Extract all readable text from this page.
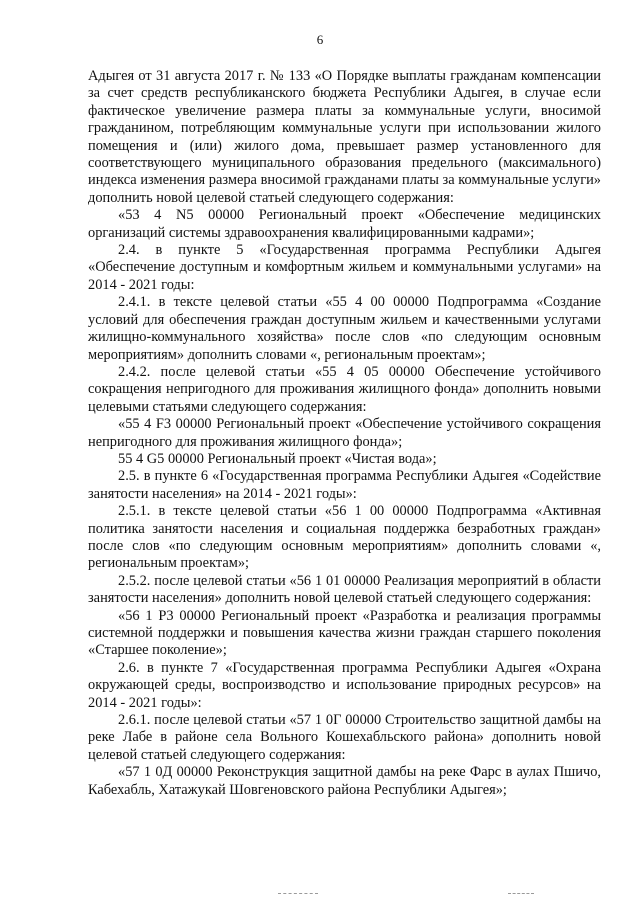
6

Адыгея от 31 августа 2017 г. № 133 «О Порядке выплаты гражданам компенсации за счет средств республиканского бюджета Республики Адыгея, в случае если фактическое увеличение размера платы за коммунальные услуги, вносимой гражданином, потребляющим коммунальные услуги при использовании жилого помещения и (или) жилого дома, превышает размер установленного для соответствующего муниципального образования предельного (максимального) индекса изменения размера вносимой гражданами платы за коммунальные услуги» дополнить новой целевой статьей следующего содержания:

«53 4 N5 00000 Региональный проект «Обеспечение медицинских организаций системы здравоохранения квалифицированными кадрами»;

2.4. в пункте 5 «Государственная программа Республики Адыгея «Обеспечение доступным и комфортным жильем и коммунальными услугами» на 2014 - 2021 годы:

2.4.1. в тексте целевой статьи «55 4 00 00000 Подпрограмма «Создание условий для обеспечения граждан доступным жильем и качественными услугами жилищно-коммунального хозяйства» после слов «по следующим основным мероприятиям» дополнить словами «, региональным проектам»;

2.4.2. после целевой статьи «55 4 05 00000 Обеспечение устойчивого сокращения непригодного для проживания жилищного фонда» дополнить новыми целевыми статьями следующего содержания:

«55 4 F3 00000 Региональный проект «Обеспечение устойчивого сокращения непригодного для проживания жилищного фонда»;

55 4 G5 00000 Региональный проект «Чистая вода»;

2.5. в пункте 6 «Государственная программа Республики Адыгея «Содействие занятости населения» на 2014 - 2021 годы»:

2.5.1. в тексте целевой статьи «56 1 00 00000 Подпрограмма «Активная политика занятости населения и социальная поддержка безработных граждан» после слов «по следующим основным мероприятиям» дополнить словами «, региональным проектам»;

2.5.2. после целевой статьи «56 1 01 00000 Реализация мероприятий в области занятости населения» дополнить новой целевой статьей следующего содержания:

«56 1 P3 00000 Региональный проект «Разработка и реализация программы системной поддержки и повышения качества жизни граждан старшего поколения «Старшее поколение»;

2.6. в пункте 7 «Государственная программа Республики Адыгея «Охрана окружающей среды, воспроизводство и использование природных ресурсов» на 2014 - 2021 годы»:

2.6.1. после целевой статьи «57 1 0Г 00000 Строительство защитной дамбы на реке Лабе в районе села Вольного Кошехабльского района» дополнить новой целевой статьей следующего содержания:

«57 1 0Д 00000 Реконструкция защитной дамбы на реке Фарс в аулах Пшичо, Кабехабль, Хатажукай Шовгеновского района Республики Адыгея»;
